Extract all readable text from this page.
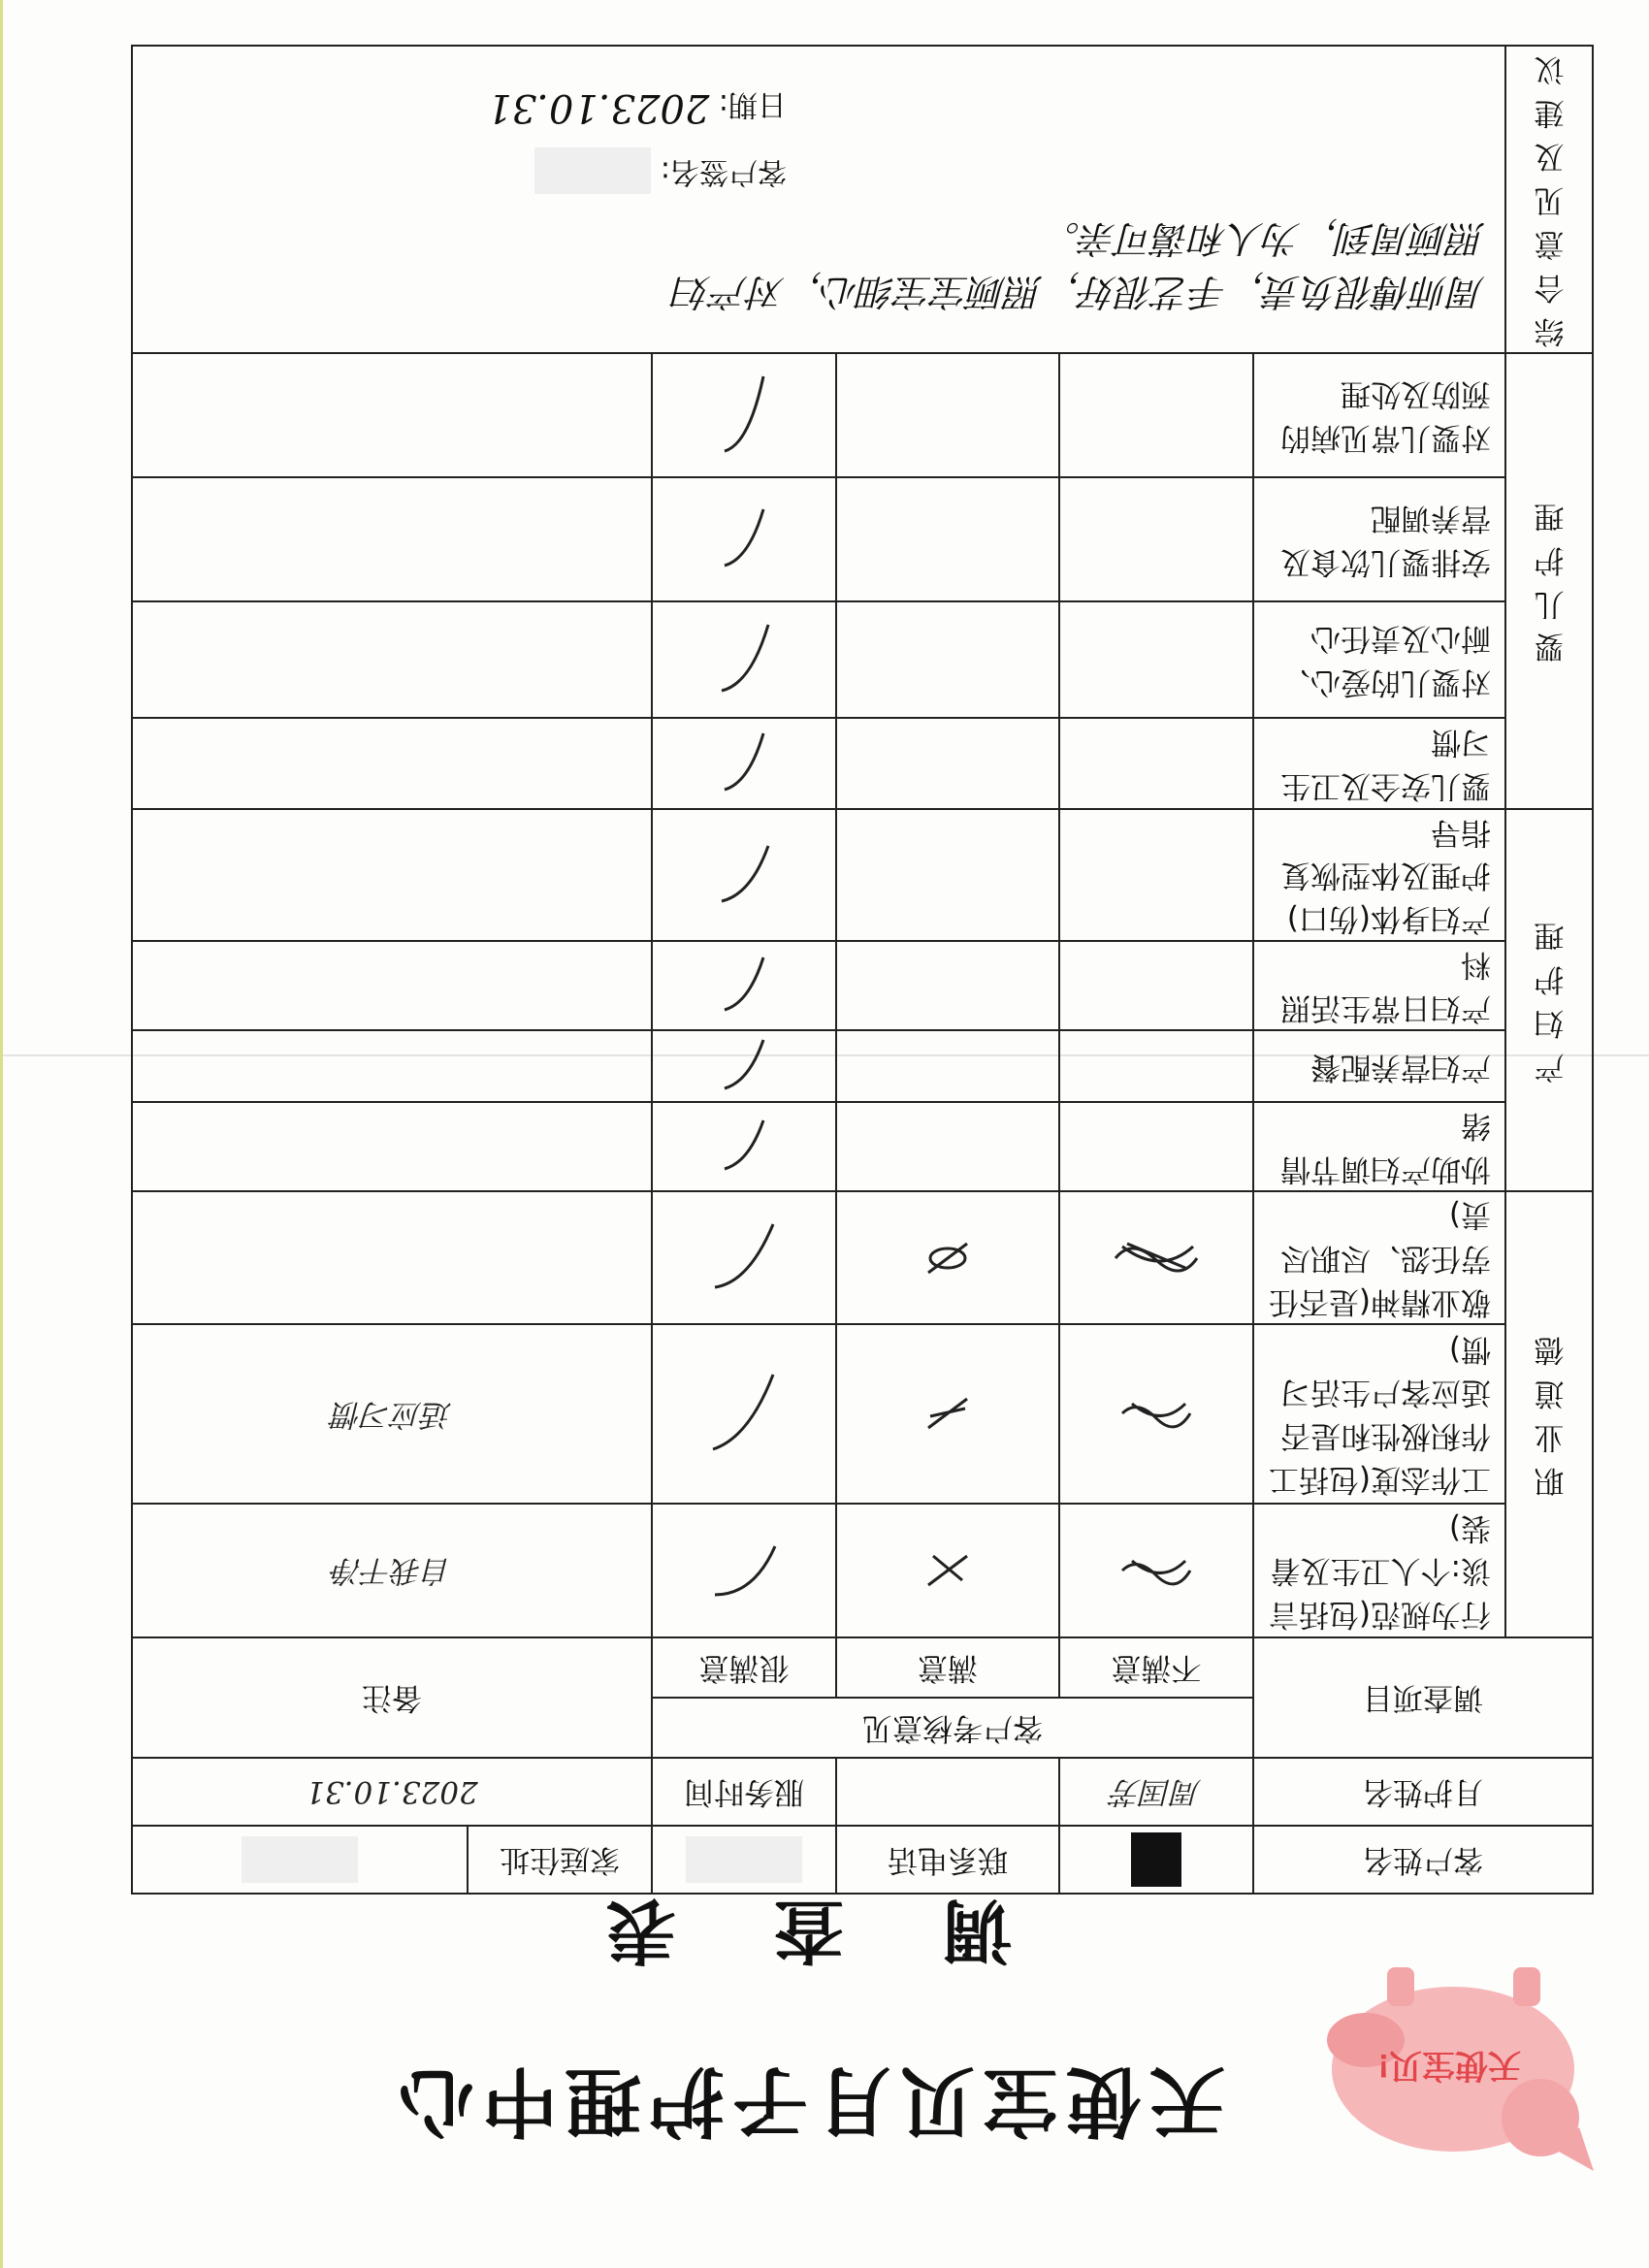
天使宝贝!
天使宝贝月子护理中心
调 查 表
客户姓名			联系电话		家庭住址	
月护姓名		周国芳		服务时间	2023.10.31	
调查项目		客户考核意见			备注	
		不满意	满意	很满意		
职业道德	行为规范(包括言谈:个人卫生及着装)				自我干净	
	工作态度(包括工作积极性和是否适应客户生活习惯)				适应习惯	
	敬业精神(是否任劳任怨、尽职尽责)	

产妇护理	协助产妇调节情绪			

	产妇营养配餐			

	产妇日常生活照料			

	产妇身体(伤口)护理及体型恢复指导			

婴儿护理	婴儿安全及卫生习惯			

	对婴儿的爱心、耐心及责任心			

	安排婴儿饮食及营养调配			

	对婴儿常见病的预防及处理			

综合意见及建议	周师傅很负责，手艺很好，照顾宝宝细心，对产妇
照顾周到，为人和蔼可亲。
客户签名:
日期: 2023.10.31					
